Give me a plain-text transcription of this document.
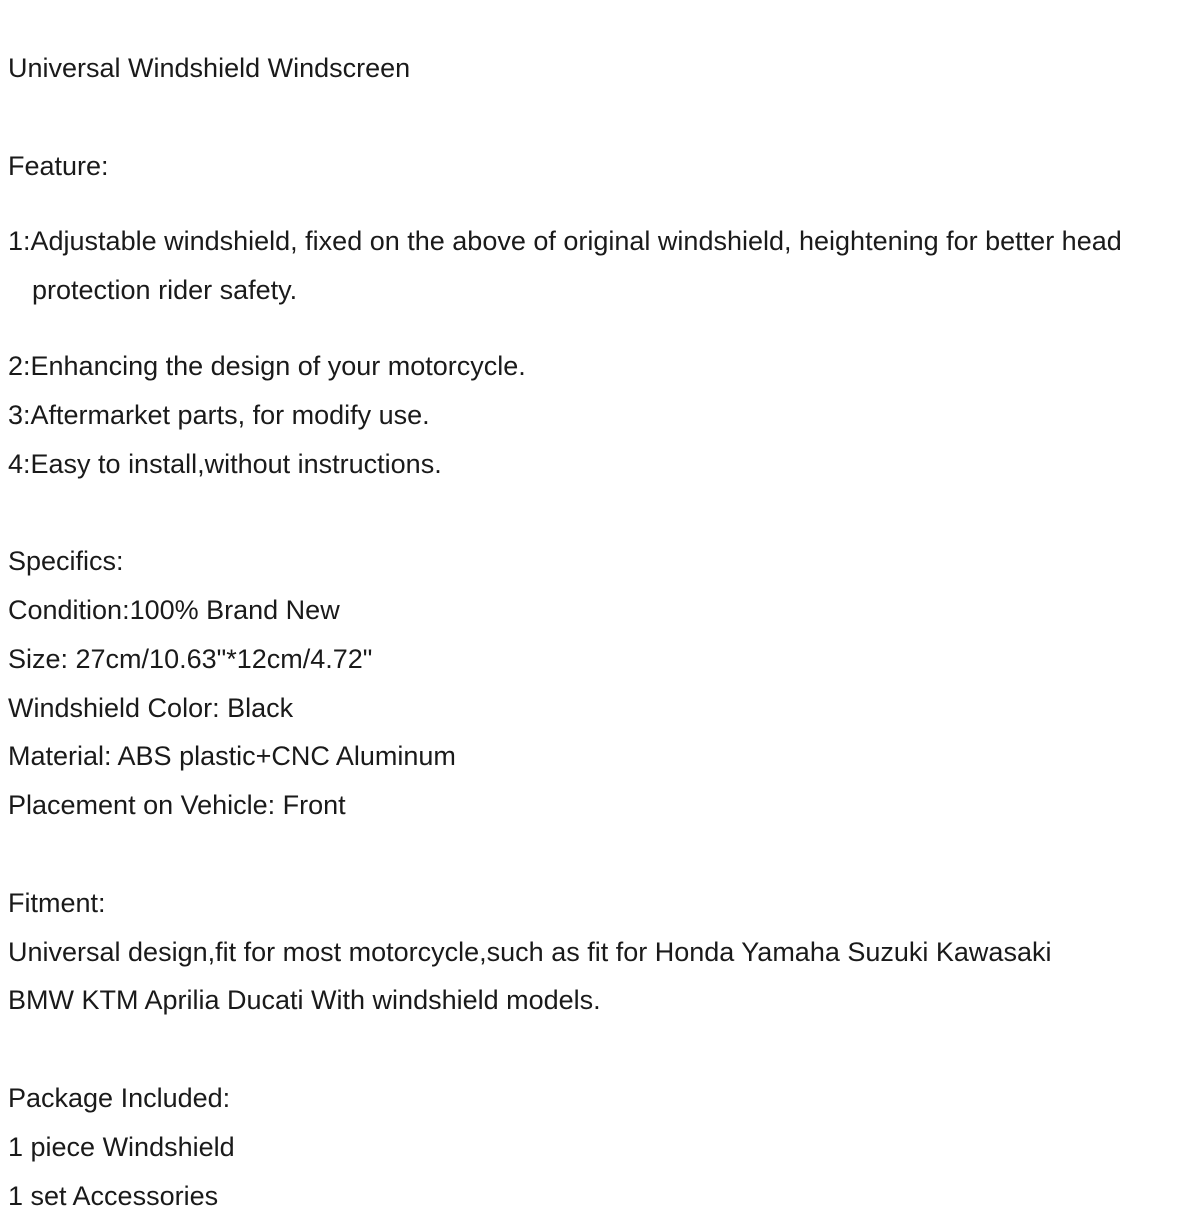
Universal Windshield Windscreen

Feature:

1:Adjustable windshield, fixed on the above of original windshield, heightening for better head protection rider safety.

2:Enhancing the design of your motorcycle.

3:Aftermarket parts, for modify use.

4:Easy to install,without instructions.

Specifics:

Condition:100% Brand New

Size: 27cm/10.63"*12cm/4.72"

Windshield Color: Black

Material: ABS plastic+CNC Aluminum

Placement on Vehicle: Front

Fitment:

Universal design,fit for most motorcycle,such as fit for Honda Yamaha Suzuki Kawasaki

BMW KTM Aprilia Ducati With windshield models.

Package Included:

1 piece Windshield

1 set Accessories
